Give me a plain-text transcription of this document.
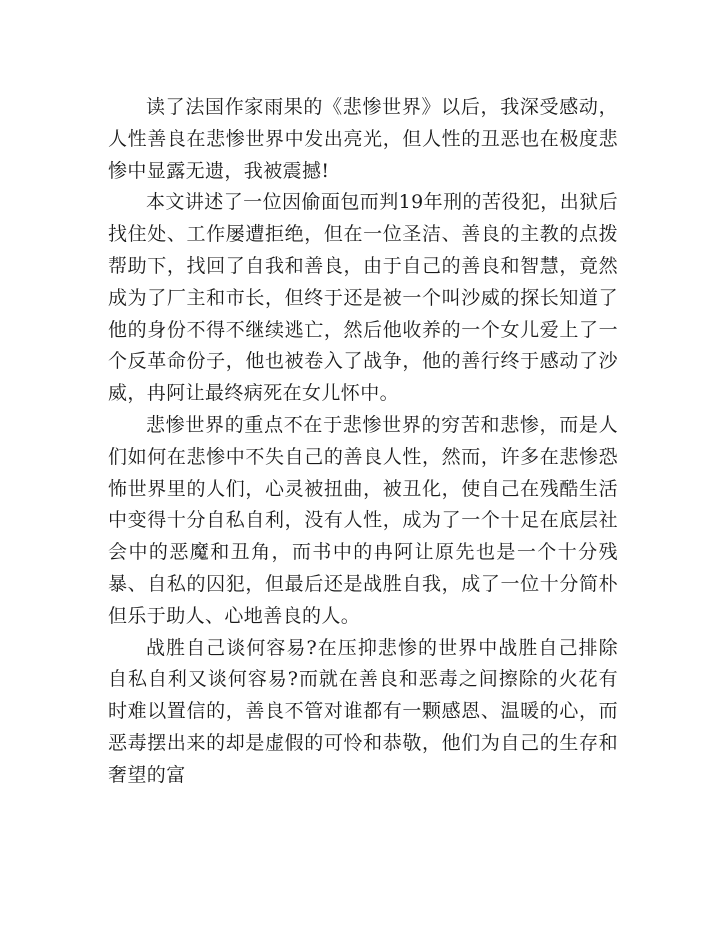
读了法国作家雨果的《悲惨世界》以后，我深受感动，人性善良在悲惨世界中发出亮光，但人性的丑恶也在极度悲惨中显露无遗，我被震撼!

本文讲述了一位因偷面包而判19年刑的苦役犯，出狱后找住处、工作屡遭拒绝，但在一位圣洁、善良的主教的点拨帮助下，找回了自我和善良，由于自己的善良和智慧，竟然成为了厂主和市长，但终于还是被一个叫沙威的探长知道了他的身份不得不继续逃亡，然后他收养的一个女儿爱上了一个反革命份子，他也被卷入了战争，他的善行终于感动了沙威，冉阿让最终病死在女儿怀中。

悲惨世界的重点不在于悲惨世界的穷苦和悲惨，而是人们如何在悲惨中不失自己的善良人性，然而，许多在悲惨恐怖世界里的人们，心灵被扭曲，被丑化，使自己在残酷生活中变得十分自私自利，没有人性，成为了一个十足在底层社会中的恶魔和丑角，而书中的冉阿让原先也是一个十分残暴、自私的囚犯，但最后还是战胜自我，成了一位十分简朴但乐于助人、心地善良的人。

战胜自己谈何容易?在压抑悲惨的世界中战胜自己排除自私自利又谈何容易?而就在善良和恶毒之间擦除的火花有时难以置信的，善良不管对谁都有一颗感恩、温暖的心，而恶毒摆出来的却是虚假的可怜和恭敬，他们为自己的生存和奢望的富
